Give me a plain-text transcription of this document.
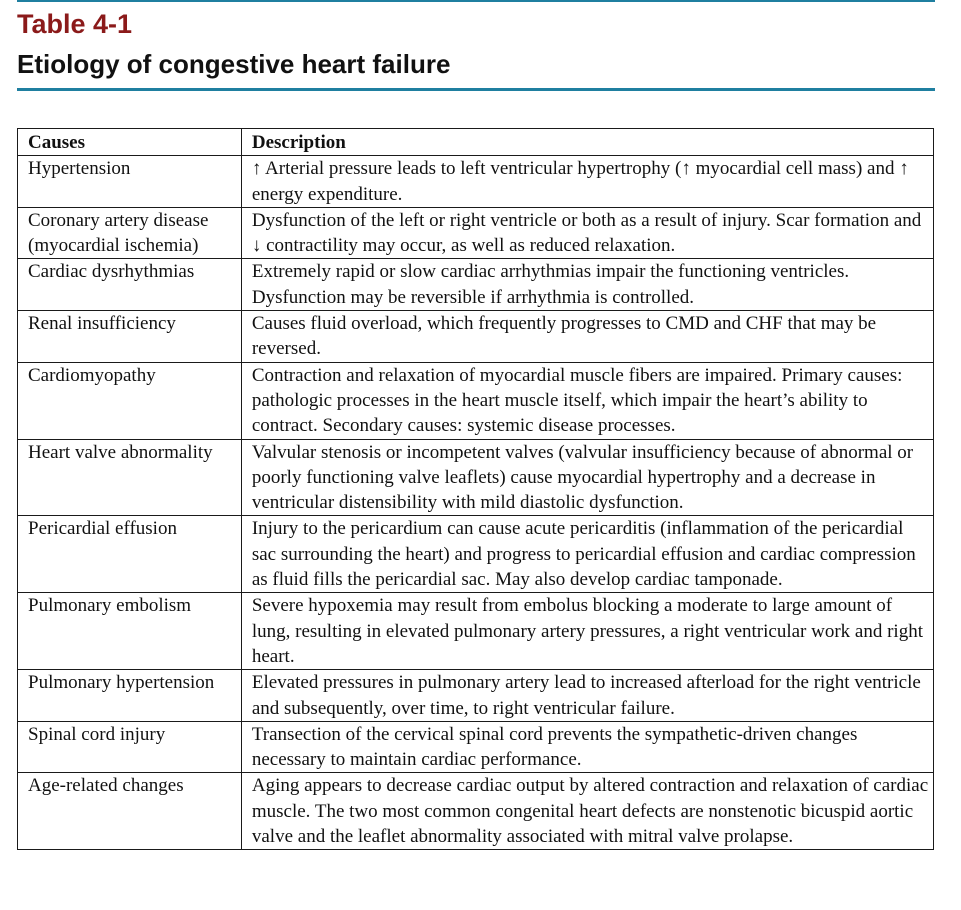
Table 4-1
Etiology of congestive heart failure
Causes	Description
Hypertension	↑ Arterial pressure leads to left ventricular hypertrophy (↑ myocardial cell mass) and ↑ energy expenditure.
Coronary artery disease (myocardial ischemia)	Dysfunction of the left or right ventricle or both as a result of injury. Scar formation and ↓ contractility may occur, as well as reduced relaxation.
Cardiac dysrhythmias	Extremely rapid or slow cardiac arrhythmias impair the functioning ventricles. Dysfunction may be reversible if arrhythmia is controlled.
Renal insufficiency	Causes fluid overload, which frequently progresses to CMD and CHF that may be reversed.
Cardiomyopathy	Contraction and relaxation of myocardial muscle fibers are impaired. Primary causes: pathologic processes in the heart muscle itself, which impair the heart’s ability to contract. Secondary causes: systemic disease processes.
Heart valve abnormality	Valvular stenosis or incompetent valves (valvular insufficiency because of abnormal or poorly functioning valve leaflets) cause myocardial hypertrophy and a decrease in ventricular distensibility with mild diastolic dysfunction.
Pericardial effusion	Injury to the pericardium can cause acute pericarditis (inflammation of the pericardial sac surrounding the heart) and progress to pericardial effusion and cardiac compression as fluid fills the pericardial sac. May also develop cardiac tamponade.
Pulmonary embolism	Severe hypoxemia may result from embolus blocking a moderate to large amount of lung, resulting in elevated pulmonary artery pressures, a right ventricular work and right heart.
Pulmonary hypertension	Elevated pressures in pulmonary artery lead to increased afterload for the right ventricle and subsequently, over time, to right ventricular failure.
Spinal cord injury	Transection of the cervical spinal cord prevents the sympathetic-driven changes necessary to maintain cardiac performance.
Age-related changes	Aging appears to decrease cardiac output by altered contraction and relaxation of cardiac muscle. The two most common congenital heart defects are nonstenotic bicuspid aortic valve and the leaflet abnormality associated with mitral valve prolapse.
